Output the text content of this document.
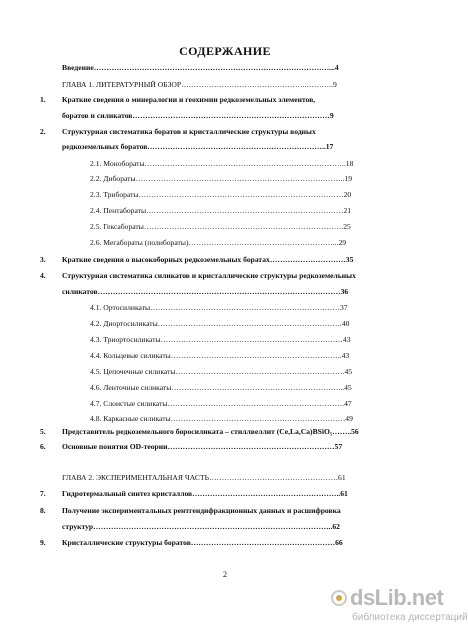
СОДЕРЖАНИЕ
Введение…………………………………………………………………………………...4
ГЛАВА 1. ЛИТЕРАТУРНЫЙ ОБЗОР…………………………………………..………..9
1. Краткие сведения о минералогии и геохимии редкоземельных элементов,
боратов и силикатов……………………………………………………………………9
2. Структурная систематика боратов и кристаллические структуры водных
редкоземельных боратов……………………………………………………………..17
2.1. Монобораты……………………………………………………………………..18
2.2. Дибораты………………………………………………………………………..19
2.3. Трибораты………………………………………………………………………20
2.4. Пентабораты……………………………………………………………………21
2.5. Гексабораты…………………………………………………………………….25
2.6. Мегабораты (полибораты)…………………………………………………...29
3. Краткие сведения о высокоборных редкоземельных боратах…………………………35
4. Структурная систематика силикатов и кристаллические структуры редкоземельных
силикатов……………………………………………………………………………………36
4.1. Ортосиликаты…………………………………………………………………37
4.2. Диортосиликаты……………………………………………………………….40
4.3. Триортосиликаты………………………………………………………………43
4.4. Кольцевые силикаты…………………………………………………………..43
4.5. Цепочечные силикаты………………………………………………………….45
4.6. Ленточные силикаты…………………………………………………………...45
4.7. Слоистые силикаты…………………………………………………………….47
4.8. Каркасные силикаты……………………………………………………………49
5. Представитель редкоземельного боросиликата – стиллвеллит (Ce,La,Ca)BSiO₅……..56
6. Основные понятия OD-теории…………………………………………………………57
ГЛАВА 2. ЭКСПЕРИМЕНТАЛЬНАЯ ЧАСТЬ……………………………………………61
7. Гидротермальный синтез кристаллов…………………………………………………..61
8. Получение экспериментальных рентгендифракционных данных и расшифровка
структур…………………………………………………………………………………..62
9. Кристаллические структуры боратов…………………………………………………66
2
dsLib.net
библиотека диссертаций
